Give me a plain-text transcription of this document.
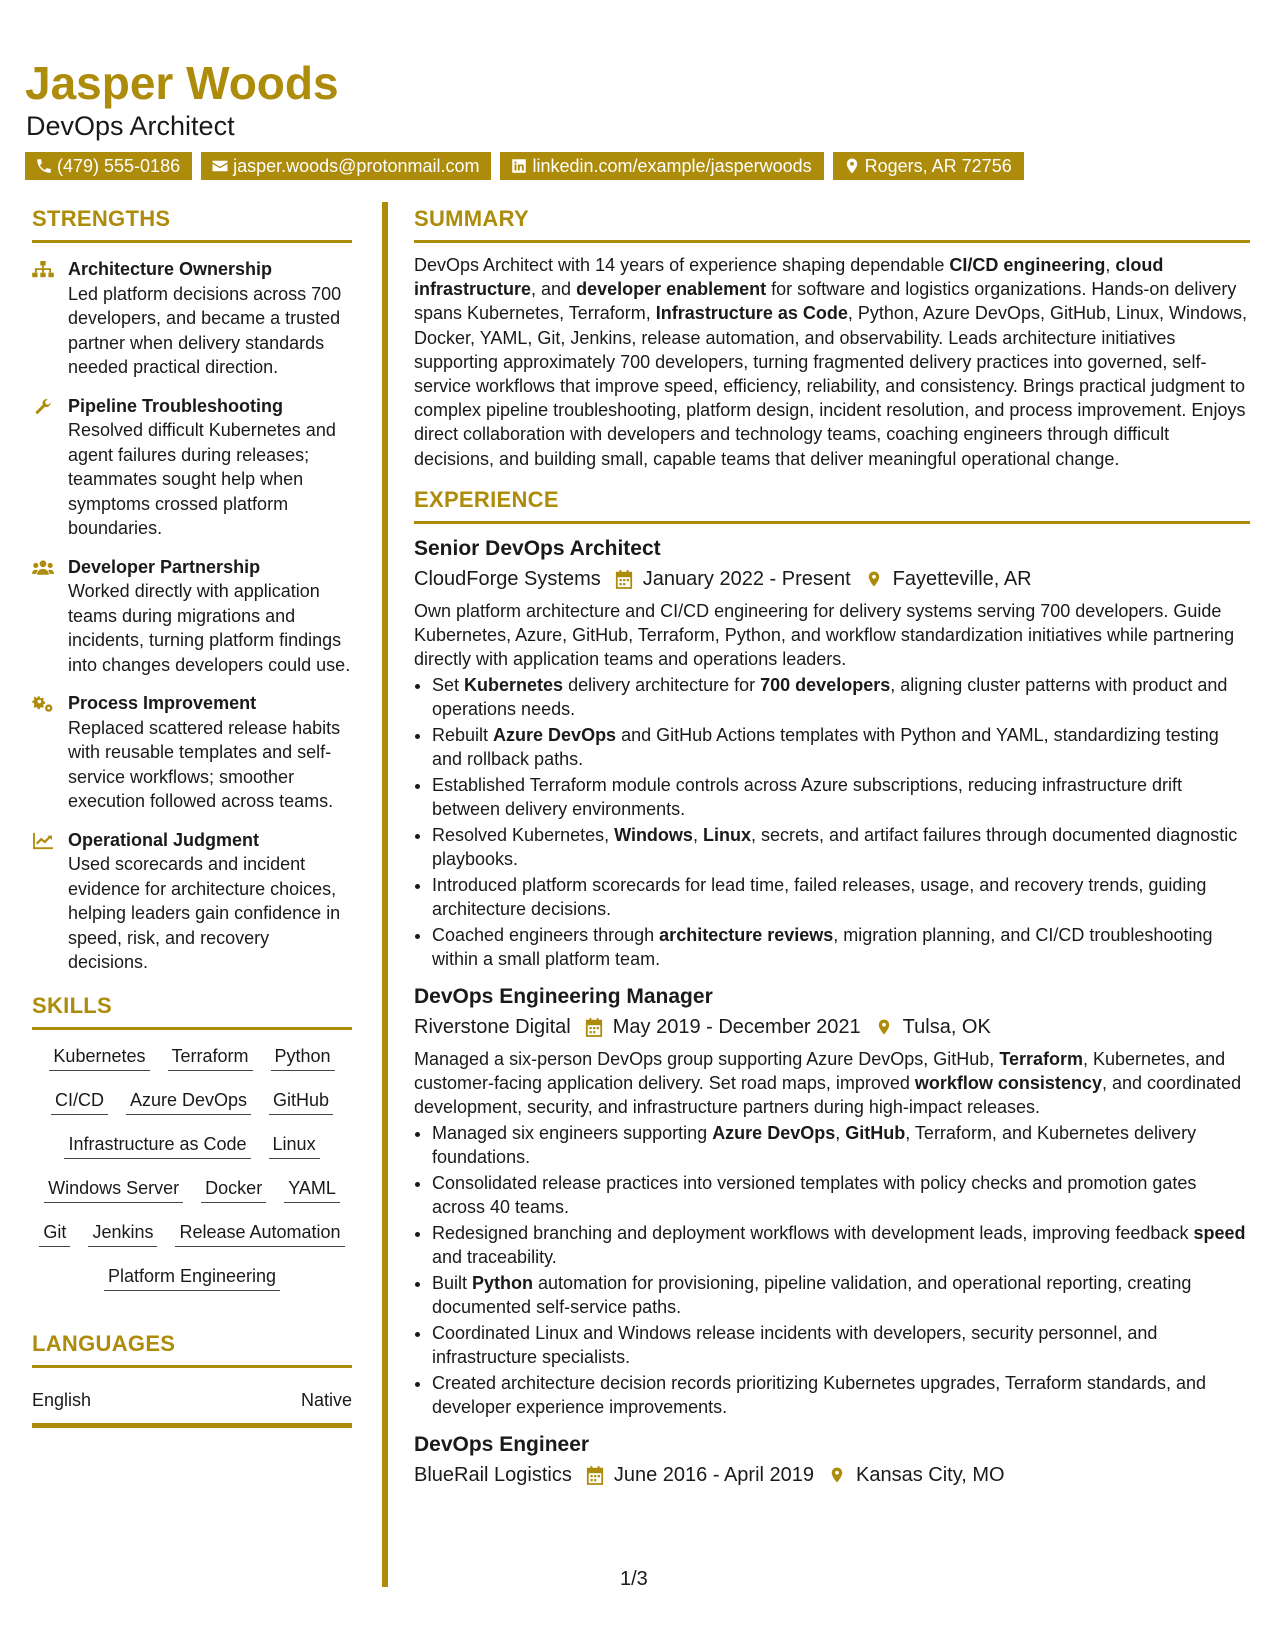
Jasper Woods
DevOps Architect
(479) 555-0186	jasper.woods@protonmail.com	linkedin.com/example/jasperwoods	Rogers, AR 72756
STRENGTHS
Architecture Ownership
Led platform decisions across 700 developers, and became a trusted partner when delivery standards needed practical direction.
Pipeline Troubleshooting
Resolved difficult Kubernetes and agent failures during releases; teammates sought help when symptoms crossed platform boundaries.
Developer Partnership
Worked directly with application teams during migrations and incidents, turning platform findings into changes developers could use.
Process Improvement
Replaced scattered release habits with reusable templates and self-service workflows; smoother execution followed across teams.
Operational Judgment
Used scorecards and incident evidence for architecture choices, helping leaders gain confidence in speed, risk, and recovery decisions.
SKILLS
Kubernetes Terraform Python
CI/CD Azure DevOps GitHub
Infrastructure as Code Linux
Windows Server Docker YAML
Git Jenkins Release Automation
Platform Engineering
LANGUAGES
English	Native
SUMMARY

DevOps Architect with 14 years of experience shaping dependable CI/CD engineering, cloud infrastructure, and developer enablement for software and logistics organizations. Hands-on delivery spans Kubernetes, Terraform, Infrastructure as Code, Python, Azure DevOps, GitHub, Linux, Windows, Docker, YAML, Git, Jenkins, release automation, and observability. Leads architecture initiatives supporting approximately 700 developers, turning fragmented delivery practices into governed, self-service workflows that improve speed, efficiency, reliability, and consistency. Brings practical judgment to complex pipeline troubleshooting, platform design, incident resolution, and process improvement. Enjoys direct collaboration with developers and technology teams, coaching engineers through difficult decisions, and building small, capable teams that deliver meaningful operational change.

EXPERIENCE
Senior DevOps Architect
CloudForge Systems January 2022 - Present Fayetteville, AR
Own platform architecture and CI/CD engineering for delivery systems serving 700 developers. Guide Kubernetes, Azure, GitHub, Terraform, Python, and workflow standardization initiatives while partnering directly with application teams and operations leaders.
• Set Kubernetes delivery architecture for 700 developers, aligning cluster patterns with product and operations needs.
• Rebuilt Azure DevOps and GitHub Actions templates with Python and YAML, standardizing testing and rollback paths.
• Established Terraform module controls across Azure subscriptions, reducing infrastructure drift between delivery environments.
• Resolved Kubernetes, Windows, Linux, secrets, and artifact failures through documented diagnostic playbooks.
• Introduced platform scorecards for lead time, failed releases, usage, and recovery trends, guiding architecture decisions.
• Coached engineers through architecture reviews, migration planning, and CI/CD troubleshooting within a small platform team.
DevOps Engineering Manager
Riverstone Digital May 2019 - December 2021 Tulsa, OK
Managed a six-person DevOps group supporting Azure DevOps, GitHub, Terraform, Kubernetes, and customer-facing application delivery. Set road maps, improved workflow consistency, and coordinated development, security, and infrastructure partners during high-impact releases.
• Managed six engineers supporting Azure DevOps, GitHub, Terraform, and Kubernetes delivery foundations.
• Consolidated release practices into versioned templates with policy checks and promotion gates across 40 teams.
• Redesigned branching and deployment workflows with development leads, improving feedback speed and traceability.
• Built Python automation for provisioning, pipeline validation, and operational reporting, creating documented self-service paths.
• Coordinated Linux and Windows release incidents with developers, security personnel, and infrastructure specialists.
• Created architecture decision records prioritizing Kubernetes upgrades, Terraform standards, and developer experience improvements.
DevOps Engineer
BlueRail Logistics June 2016 - April 2019 Kansas City, MO
1/3
